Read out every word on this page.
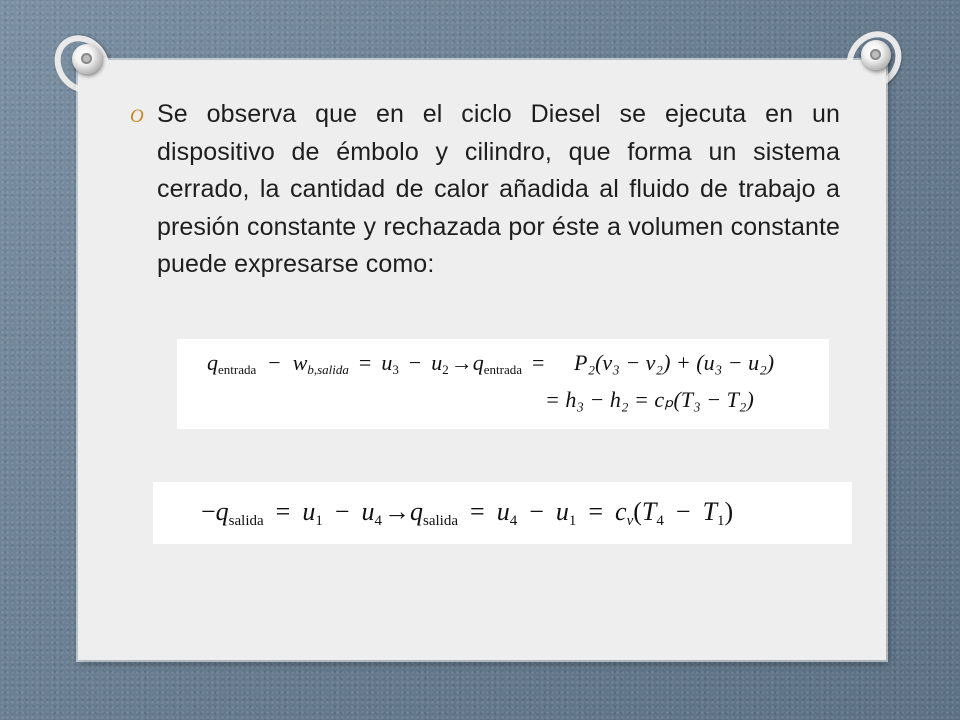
O Se observa que en el ciclo Diesel se ejecuta en un dispositivo de émbolo y cilindro, que forma un sistema cerrado, la cantidad de calor añadida al fluido de trabajo a presión constante y rechazada por éste a volumen constante puede expresarse como:

qentrada − wb,salida = u3 − u2→qentrada = P₂(v₃ − v₂) + (u₃ − u₂)
= h₃ − h₂ = cₚ(T₃ − T₂)
−qsalida = u1 − u4→qsalida = u4 − u1 = cv(T4 − T1)
